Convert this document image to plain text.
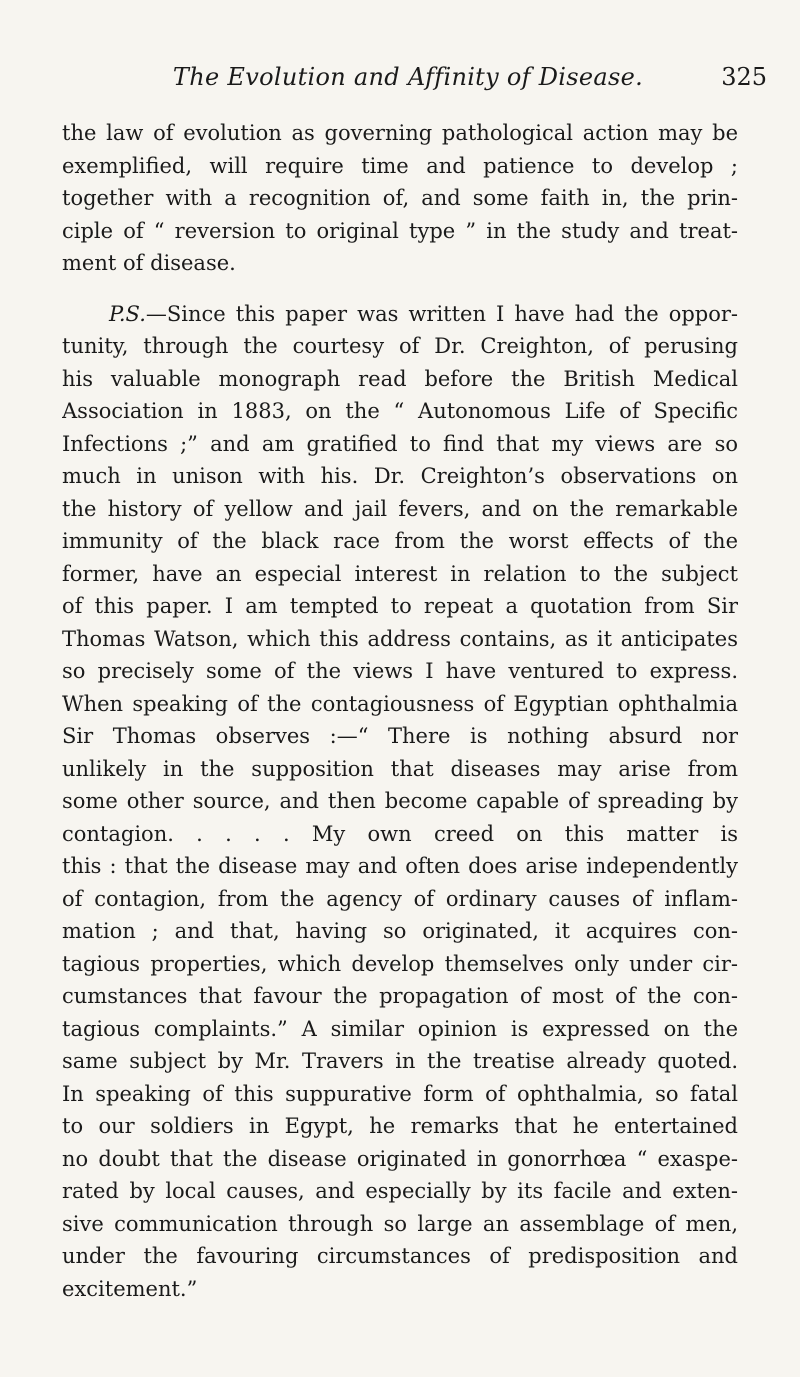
The Evolution and Affinity of Disease.	325
the law of evolution as governing pathological action may be
exemplified, will require time and patience to develop ;
together with a recognition of, and some faith in, the prin-
ciple of “ reversion to original type ” in the study and treat-
ment of disease.
P.S.—Since this paper was written I have had the oppor-
tunity, through the courtesy of Dr. Creighton, of perusing
his valuable monograph read before the British Medical
Association in 1883, on the “ Autonomous Life of Specific
Infections ;” and am gratified to find that my views are so
much in unison with his. Dr. Creighton’s observations on
the history of yellow and jail fevers, and on the remarkable
immunity of the black race from the worst effects of the
former, have an especial interest in relation to the subject
of this paper. I am tempted to repeat a quotation from Sir
Thomas Watson, which this address contains, as it anticipates
so precisely some of the views I have ventured to express.
When speaking of the contagiousness of Egyptian ophthalmia
Sir Thomas observes :—“ There is nothing absurd nor
unlikely in the supposition that diseases may arise from
some other source, and then become capable of spreading by
contagion. . . . . My own creed on this matter is
this : that the disease may and often does arise independently
of contagion, from the agency of ordinary causes of inflam-
mation ; and that, having so originated, it acquires con-
tagious properties, which develop themselves only under cir-
cumstances that favour the propagation of most of the con-
tagious complaints.” A similar opinion is expressed on the
same subject by Mr. Travers in the treatise already quoted.
In speaking of this suppurative form of ophthalmia, so fatal
to our soldiers in Egypt, he remarks that he entertained
no doubt that the disease originated in gonorrhœa “ exaspe-
rated by local causes, and especially by its facile and exten-
sive communication through so large an assemblage of men,
under the favouring circumstances of predisposition and
excitement.”
